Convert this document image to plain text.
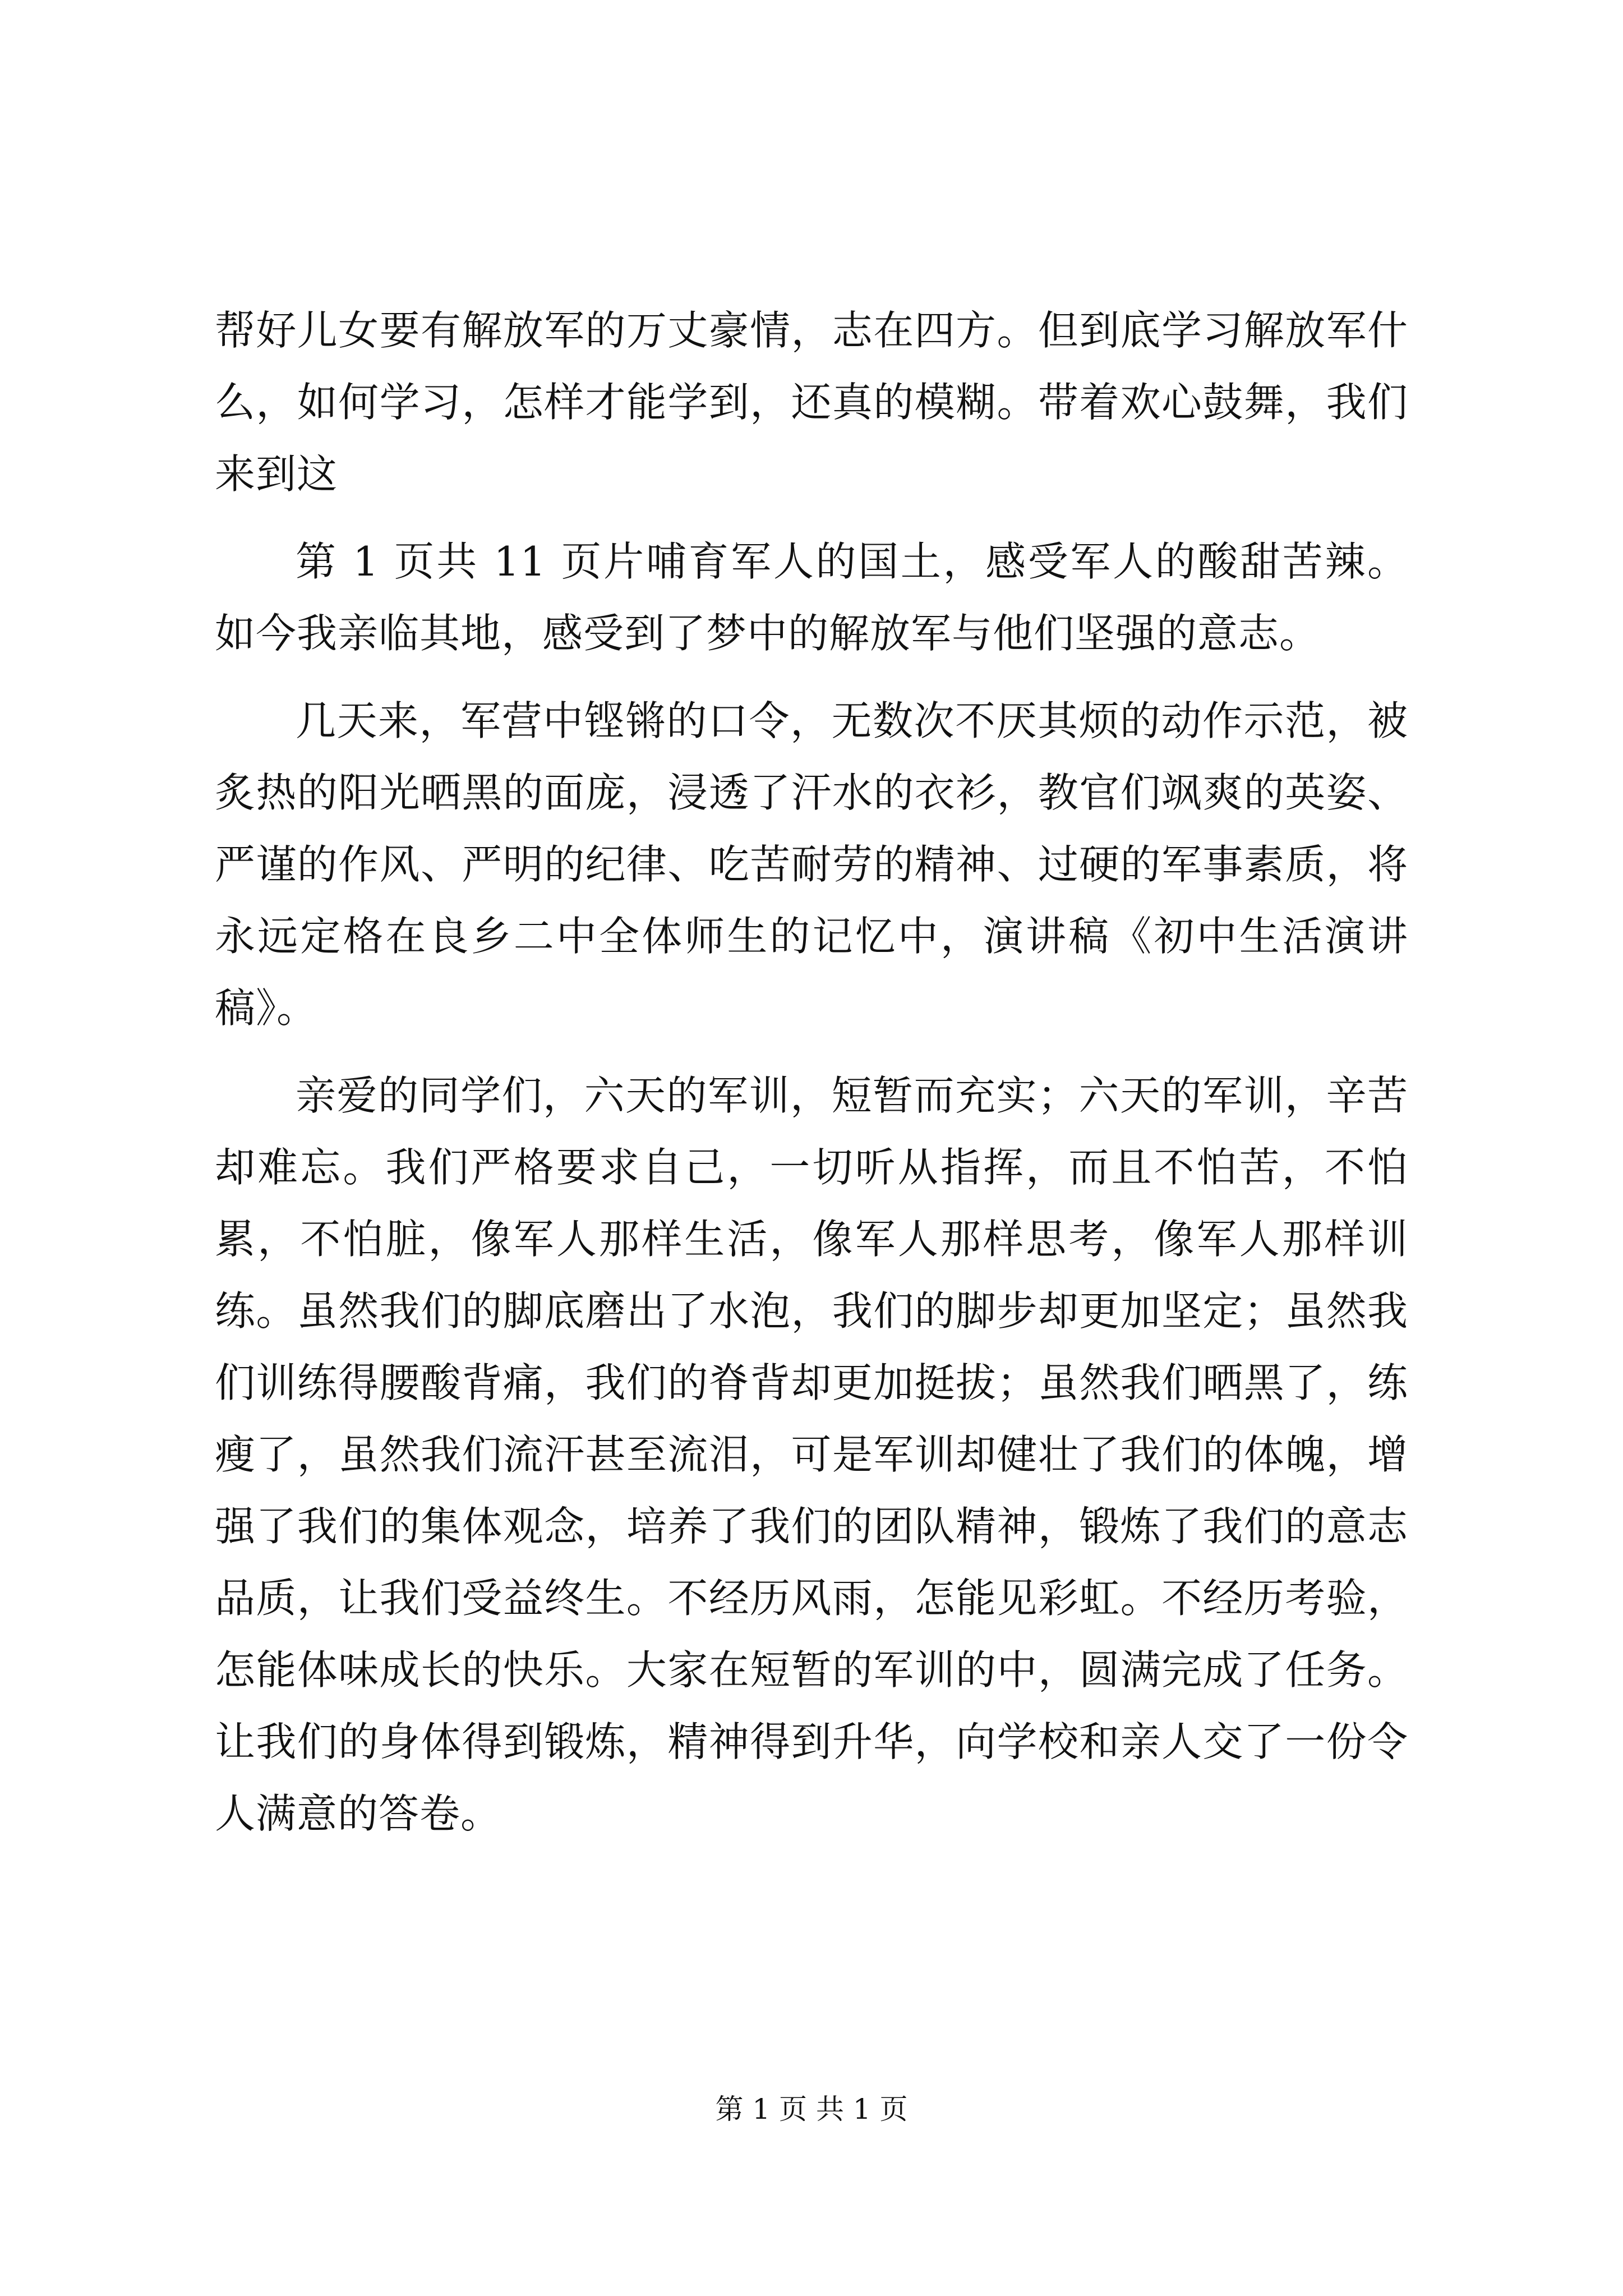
帮好儿女要有解放军的万丈豪情，志在四方。但到底学习解放军什么，如何学习，怎样才能学到，还真的模糊。带着欢心鼓舞，我们来到这

第 1 页共 11 页片哺育军人的国土，感受军人的酸甜苦辣。如今我亲临其地，感受到了梦中的解放军与他们坚强的意志。

几天来，军营中铿锵的口令，无数次不厌其烦的动作示范，被炙热的阳光晒黑的面庞，浸透了汗水的衣衫，教官们飒爽的英姿、严谨的作风、严明的纪律、吃苦耐劳的精神、过硬的军事素质，将永远定格在良乡二中全体师生的记忆中，演讲稿《初中生活演讲稿》。

亲爱的同学们，六天的军训，短暂而充实；六天的军训，辛苦却难忘。我们严格要求自己，一切听从指挥，而且不怕苦，不怕累，不怕脏，像军人那样生活，像军人那样思考，像军人那样训练。虽然我们的脚底磨出了水泡，我们的脚步却更加坚定；虽然我们训练得腰酸背痛，我们的脊背却更加挺拔；虽然我们晒黑了，练瘦了，虽然我们流汗甚至流泪，可是军训却健壮了我们的体魄，增强了我们的集体观念，培养了我们的团队精神，锻炼了我们的意志品质，让我们受益终生。不经历风雨，怎能见彩虹。不经历考验，怎能体味成长的快乐。大家在短暂的军训的中，圆满完成了任务。让我们的身体得到锻炼，精神得到升华，向学校和亲人交了一份令人满意的答卷。

第 1 页 共 1 页
